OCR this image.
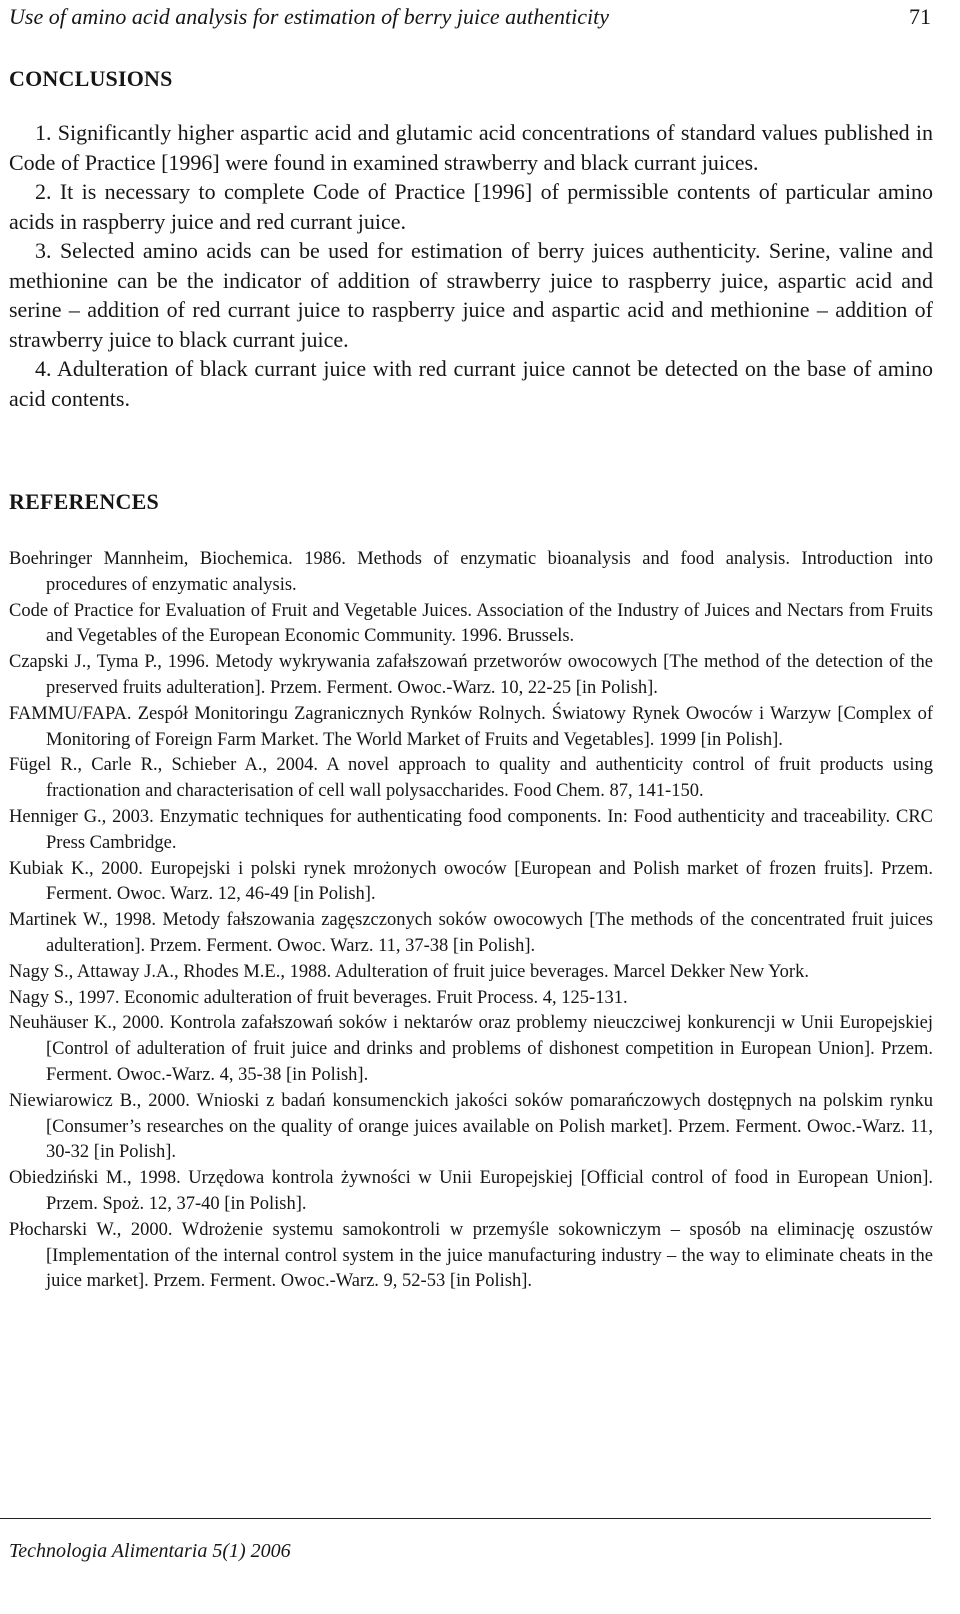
Use of amino acid analysis for estimation of berry juice authenticity	71
CONCLUSIONS

1. Significantly higher aspartic acid and glutamic acid concentrations of standard values published in Code of Practice [1996] were found in examined strawberry and black currant juices.

2. It is necessary to complete Code of Practice [1996] of permissible contents of particular amino acids in raspberry juice and red currant juice.

3. Selected amino acids can be used for estimation of berry juices authenticity. Serine, valine and methionine can be the indicator of addition of strawberry juice to raspberry juice, aspartic acid and serine – addition of red currant juice to raspberry juice and aspartic acid and methionine – addition of strawberry juice to black currant juice.

4. Adulteration of black currant juice with red currant juice cannot be detected on the base of amino acid contents.

REFERENCES

Boehringer Mannheim, Biochemica. 1986. Methods of enzymatic bioanalysis and food analysis. Introduction into procedures of enzymatic analysis.

Code of Practice for Evaluation of Fruit and Vegetable Juices. Association of the Industry of Juices and Nectars from Fruits and Vegetables of the European Economic Community. 1996. Brussels.

Czapski J., Tyma P., 1996. Metody wykrywania zafałszowań przetworów owocowych [The method of the detection of the preserved fruits adulteration]. Przem. Ferment. Owoc.-Warz. 10, 22-25 [in Polish].

FAMMU/FAPA. Zespół Monitoringu Zagranicznych Rynków Rolnych. Światowy Rynek Owoców i Warzyw [Complex of Monitoring of Foreign Farm Market. The World Market of Fruits and Vegetables]. 1999 [in Polish].

Fügel R., Carle R., Schieber A., 2004. A novel approach to quality and authenticity control of fruit products using fractionation and characterisation of cell wall polysaccharides. Food Chem. 87, 141-150.

Henniger G., 2003. Enzymatic techniques for authenticating food components. In: Food authenticity and traceability. CRC Press Cambridge.

Kubiak K., 2000. Europejski i polski rynek mrożonych owoców [European and Polish market of frozen fruits]. Przem. Ferment. Owoc. Warz. 12, 46-49 [in Polish].

Martinek W., 1998. Metody fałszowania zagęszczonych soków owocowych [The methods of the concentrated fruit juices adulteration]. Przem. Ferment. Owoc. Warz. 11, 37-38 [in Polish].

Nagy S., Attaway J.A., Rhodes M.E., 1988. Adulteration of fruit juice beverages. Marcel Dekker New York.

Nagy S., 1997. Economic adulteration of fruit beverages. Fruit Process. 4, 125-131.

Neuhäuser K., 2000. Kontrola zafałszowań soków i nektarów oraz problemy nieuczciwej konkurencji w Unii Europejskiej [Control of adulteration of fruit juice and drinks and problems of dishonest competition in European Union]. Przem. Ferment. Owoc.-Warz. 4, 35-38 [in Polish].

Niewiarowicz B., 2000. Wnioski z badań konsumenckich jakości soków pomarańczowych dostępnych na polskim rynku [Consumer’s researches on the quality of orange juices available on Polish market]. Przem. Ferment. Owoc.-Warz. 11, 30-32 [in Polish].

Obiedziński M., 1998. Urzędowa kontrola żywności w Unii Europejskiej [Official control of food in European Union]. Przem. Spoż. 12, 37-40 [in Polish].

Płocharski W., 2000. Wdrożenie systemu samokontroli w przemyśle sokowniczym – sposób na eliminację oszustów [Implementation of the internal control system in the juice manufacturing industry – the way to eliminate cheats in the juice market]. Przem. Ferment. Owoc.-Warz. 9, 52-53 [in Polish].

Technologia Alimentaria 5(1) 2006
